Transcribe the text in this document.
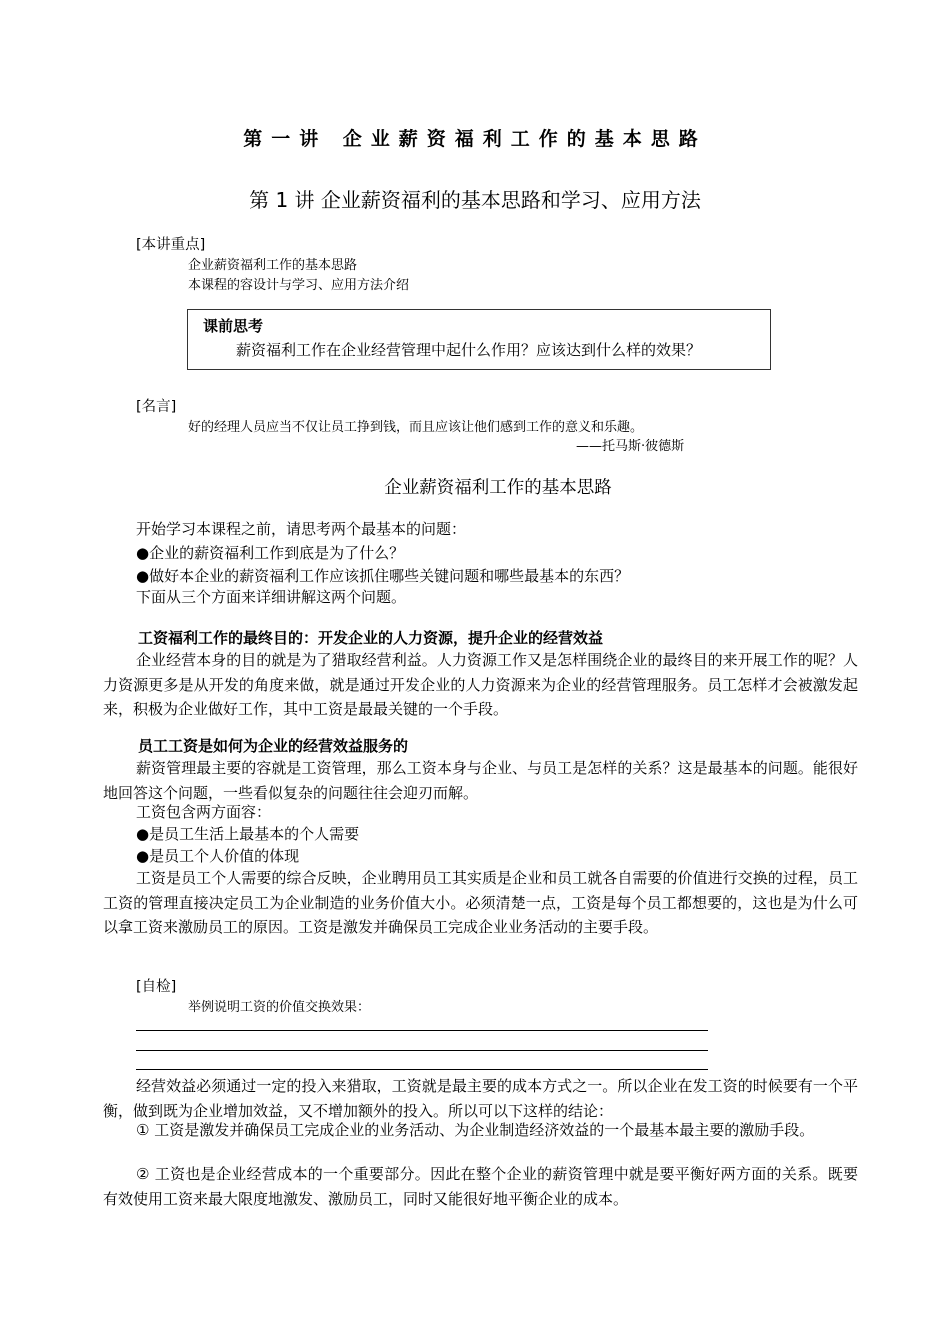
第一讲 企业薪资福利工作的基本思路
第 1 讲 企业薪资福利的基本思路和学习、应用方法
[本讲重点]
企业薪资福利工作的基本思路
本课程的容设计与学习、应用方法介绍
课前思考
薪资福利工作在企业经营管理中起什么作用？应该达到什么样的效果？
[名言]
好的经理人员应当不仅让员工挣到钱，而且应该让他们感到工作的意义和乐趣。
——托马斯·彼德斯
企业薪资福利工作的基本思路
开始学习本课程之前，请思考两个最基本的问题：
●企业的薪资福利工作到底是为了什么？
●做好本企业的薪资福利工作应该抓住哪些关键问题和哪些最基本的东西？
下面从三个方面来详细讲解这两个问题。
工资福利工作的最终目的：开发企业的人力资源，提升企业的经营效益
企业经营本身的目的就是为了猎取经营利益。人力资源工作又是怎样围绕企业的最终目的来开展工作的呢？人力资源更多是从开发的角度来做，就是通过开发企业的人力资源来为企业的经营管理服务。员工怎样才会被激发起来，积极为企业做好工作，其中工资是最最关键的一个手段。
员工工资是如何为企业的经营效益服务的
薪资管理最主要的容就是工资管理，那么工资本身与企业、与员工是怎样的关系？这是最基本的问题。能很好地回答这个问题，一些看似复杂的问题往往会迎刃而解。
工资包含两方面容：
●是员工生活上最基本的个人需要
●是员工个人价值的体现
工资是员工个人需要的综合反映，企业聘用员工其实质是企业和员工就各自需要的价值进行交换的过程，员工工资的管理直接决定员工为企业制造的业务价值大小。必须清楚一点，工资是每个员工都想要的，这也是为什么可以拿工资来激励员工的原因。工资是激发并确保员工完成企业业务活动的主要手段。
[自检]
举例说明工资的价值交换效果：
经营效益必须通过一定的投入来猎取，工资就是最主要的成本方式之一。所以企业在发工资的时候要有一个平衡，做到既为企业增加效益，又不增加额外的投入。所以可以下这样的结论：
① 工资是激发并确保员工完成企业的业务活动、为企业制造经济效益的一个最基本最主要的激励手段。
② 工资也是企业经营成本的一个重要部分。因此在整个企业的薪资管理中就是要平衡好两方面的关系。既要有效使用工资来最大限度地激发、激励员工，同时又能很好地平衡企业的成本。
